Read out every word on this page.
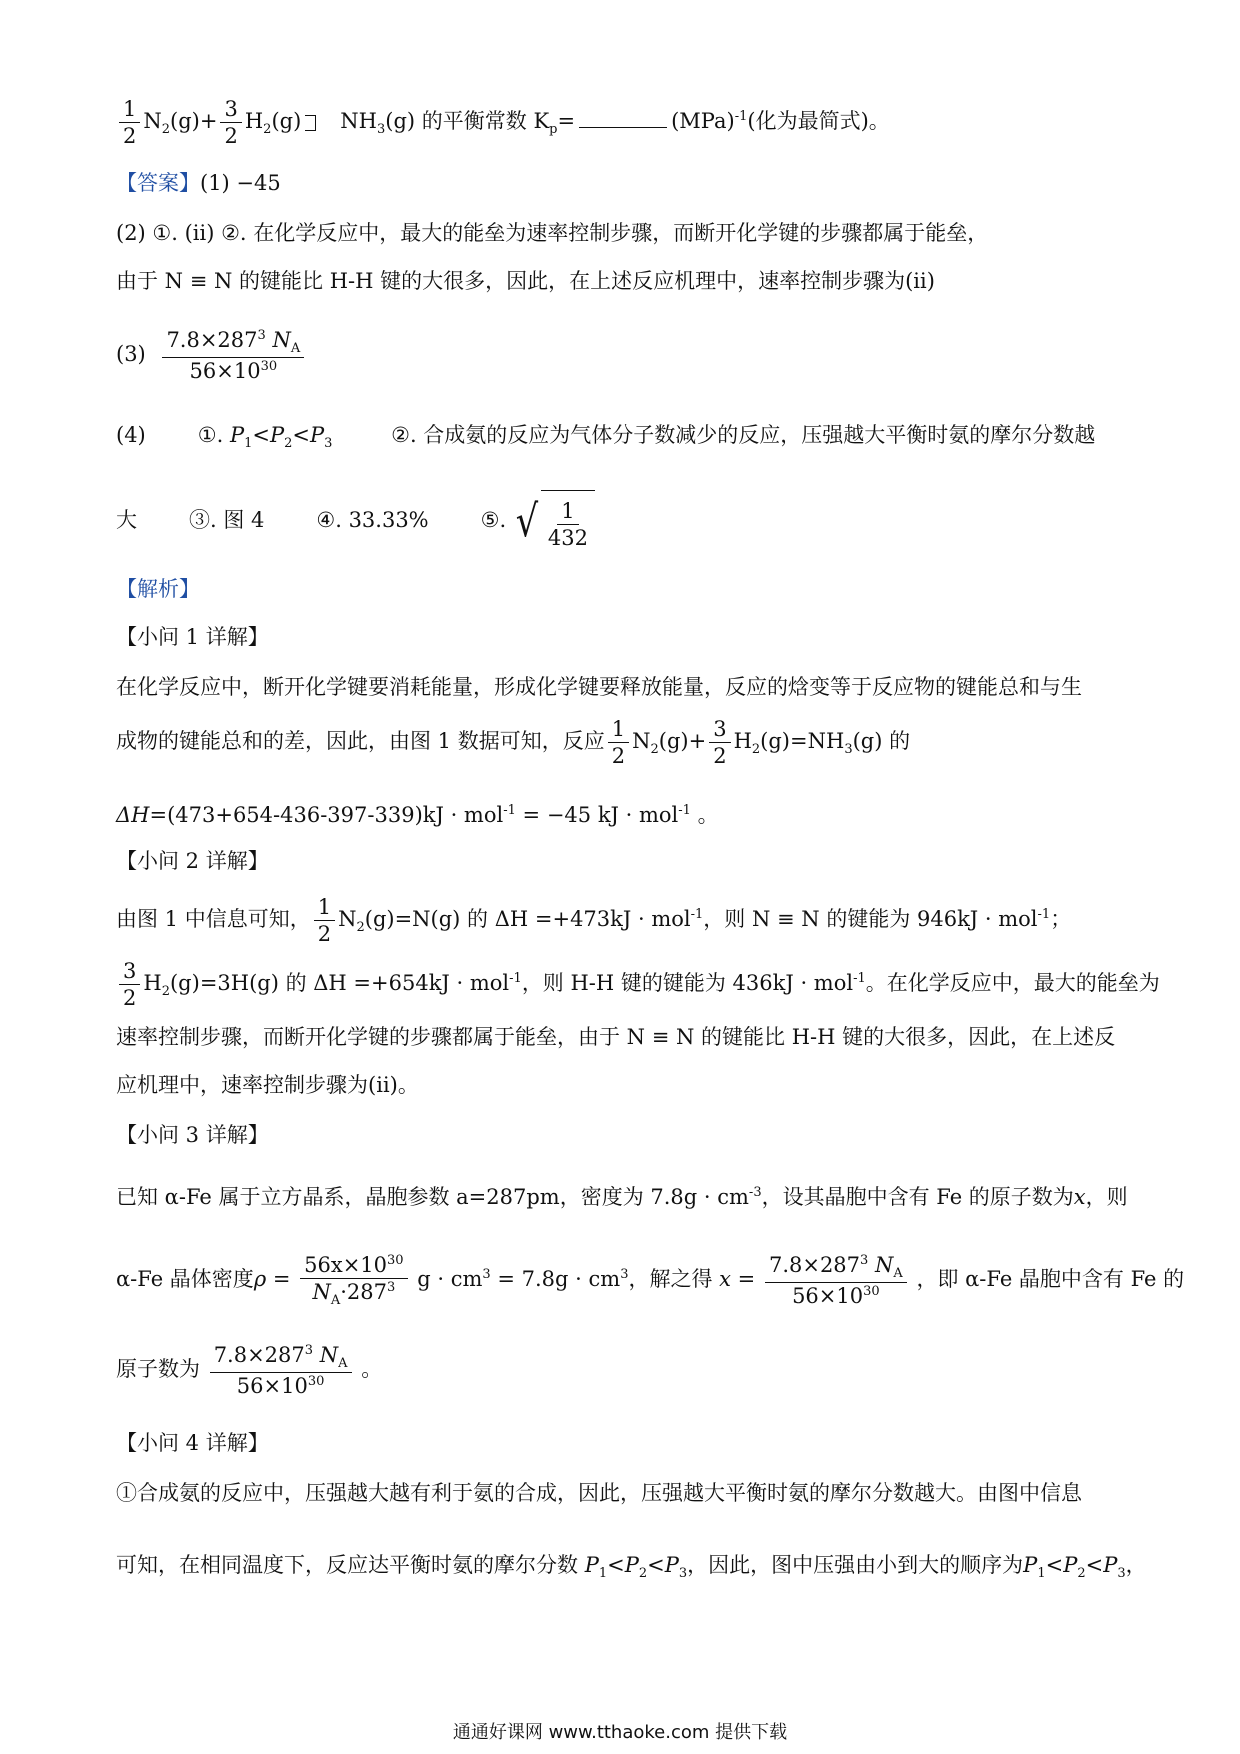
$\frac{1}{2} N_2(g)+ \frac{3}{2} H_2(g)$ $NH_3(g)$ 的平衡常数 $K_p=$	(MPa)$^{-1}$(化为最简式)。
【答案】(1) −45
(2) ①. (ⅱ) ②. 在化学反应中，最大的能垒为速率控制步骤，而断开化学键的步骤都属于能垒，
由于 N ≡ N 的键能比 H-H 键的大很多，因此，在上述反应机理中，速率控制步骤为(ⅱ)
$(3) \frac{7.8\times 287^3 N_A}{56\times 10^{30}}$
(4) ①. $P_1<P_2<P_3$	②. 合成氨的反应为气体分子数减少的反应，压强越大平衡时氨的摩尔分数越
大 ③. 图 4 ④. 33.33% ⑤. √ $\frac{1}{432}$
【解析】
【小问 1 详解】
在化学反应中，断开化学键要消耗能量，形成化学键要释放能量，反应的焓变等于反应物的键能总和与生
成物的键能总和的差，因此，由图 1 数据可知，反应 $\frac{1}{2} N_2(g)+ \frac{3}{2} H_2(g)=NH_3(g)$ 的
ΔH=(473+654-436-397-339)kJ · mol$^{-1}$ = −45 kJ · mol$^{-1}$ 。
【小问 2 详解】
由图 1 中信息可知， $\frac{1}{2} N_2(g)=N(g)$ 的 ΔH =+473kJ · mol$^{-1}$，则 N ≡ N 的键能为 946kJ · mol$^{-1}$；
$\frac{3}{2} H_2(g)=3H(g)$ 的 ΔH =+654kJ · mol$^{-1}$，则 H-H 键的键能为 436kJ · mol$^{-1}$。在化学反应中，最大的能垒为
速率控制步骤，而断开化学键的步骤都属于能垒，由于 N ≡ N 的键能比 H-H 键的大很多，因此，在上述反
应机理中，速率控制步骤为(ⅱ)。
【小问 3 详解】
已知 α-Fe 属于立方晶系，晶胞参数 a=287pm，密度为 $7.8g \cdot cm^{-3}$，设其晶胞中含有 Fe 的原子数为x，则
α-Fe 晶体密度$\rho = \frac{56x\times 10^{30}}{N_A\cdot 287^3}$ $g \cdot cm^3 = 7.8g \cdot cm^3$，解之得 $x = \frac{7.8\times 287^3 N_A}{56\times 10^{30}}$ ，即 α-Fe 晶胞中含有 Fe 的
原子数为 $\frac{7.8\times 287^3 N_A}{56\times 10^{30}}$ 。
【小问 4 详解】
①合成氨的反应中，压强越大越有利于氨的合成，因此，压强越大平衡时氨的摩尔分数越大。由图中信息
可知，在相同温度下，反应达平衡时氨的摩尔分数 $P_1<P_2<P_3$，因此，图中压强由小到大的顺序为$P_1<P_2<P_3$，
通通好课网 www.tthaoke.com 提供下载
